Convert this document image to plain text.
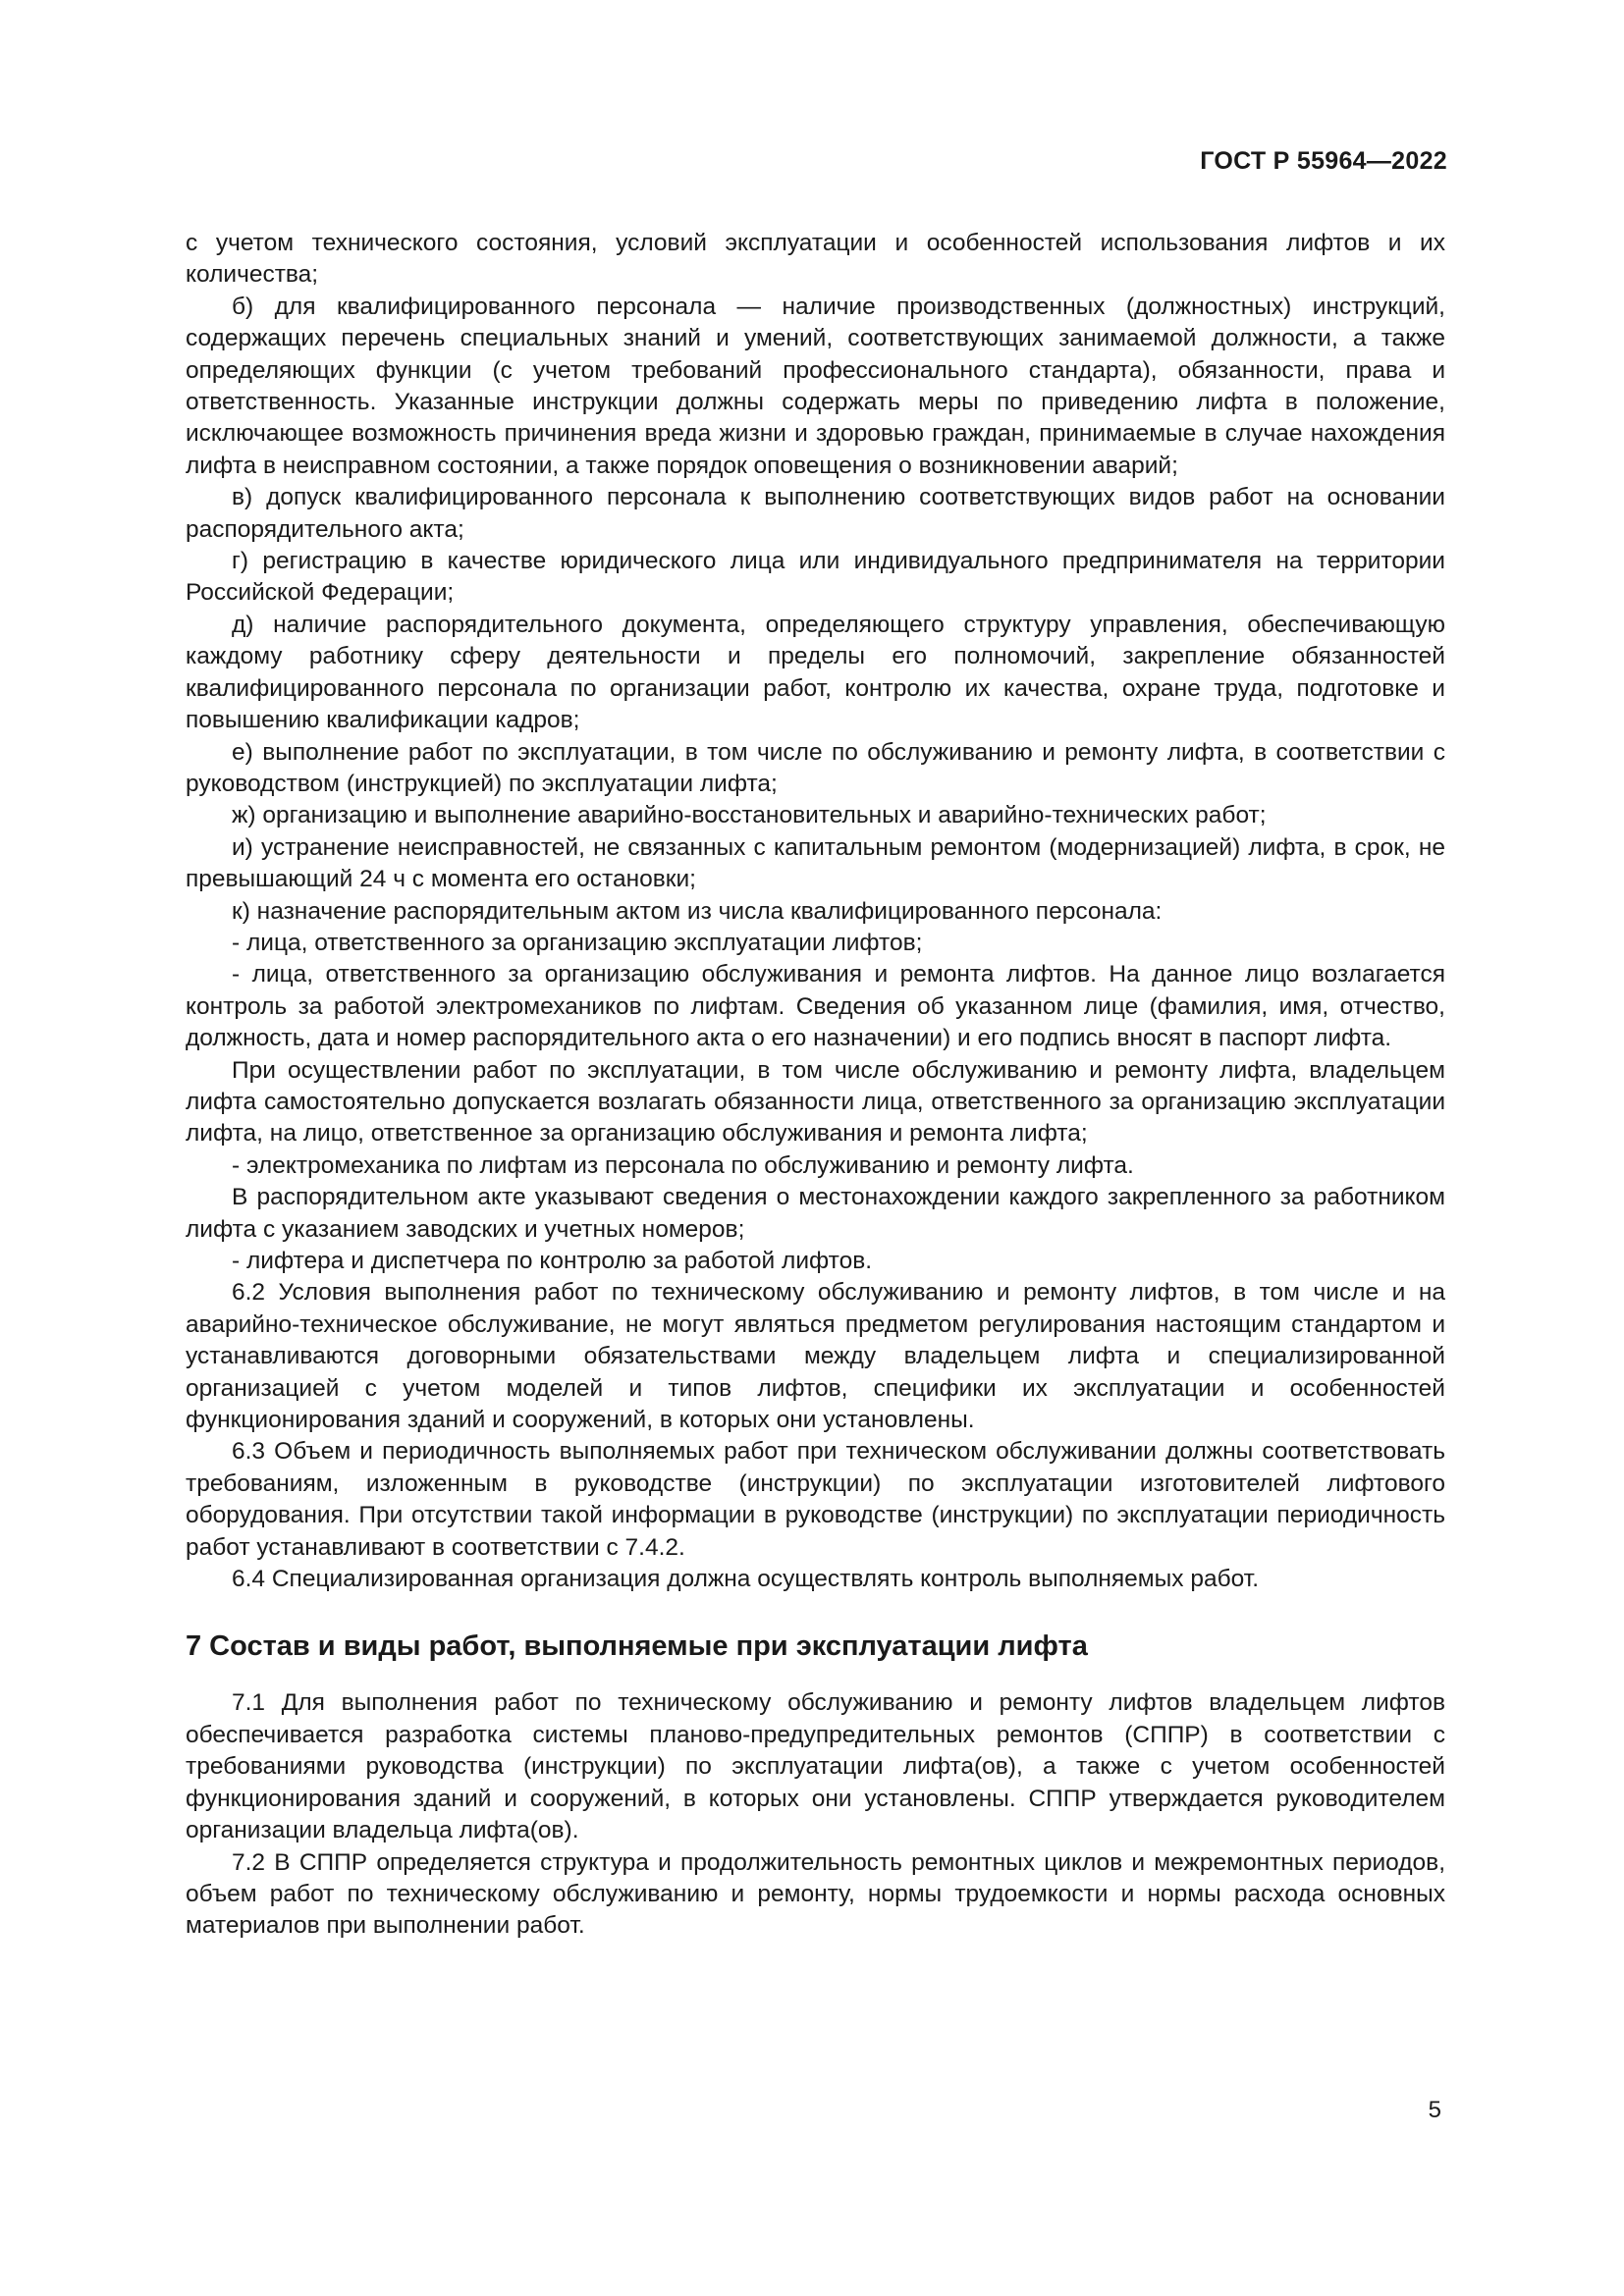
ГОСТ Р 55964—2022

с учетом технического состояния, условий эксплуатации и особенностей использования лифтов и их количества;

б) для квалифицированного персонала — наличие производственных (должностных) инструкций, содержащих перечень специальных знаний и умений, соответствующих занимаемой должности, а также определяющих функции (с учетом требований профессионального стандарта), обязанности, права и ответственность. Указанные инструкции должны содержать меры по приведению лифта в положение, исключающее возможность причинения вреда жизни и здоровью граждан, принимаемые в случае нахождения лифта в неисправном состоянии, а также порядок оповещения о возникновении аварий;

в) допуск квалифицированного персонала к выполнению соответствующих видов работ на основании распорядительного акта;

г) регистрацию в качестве юридического лица или индивидуального предпринимателя на территории Российской Федерации;

д) наличие распорядительного документа, определяющего структуру управления, обеспечивающую каждому работнику сферу деятельности и пределы его полномочий, закрепление обязанностей квалифицированного персонала по организации работ, контролю их качества, охране труда, подготовке и повышению квалификации кадров;

е) выполнение работ по эксплуатации, в том числе по обслуживанию и ремонту лифта, в соответствии с руководством (инструкцией) по эксплуатации лифта;

ж) организацию и выполнение аварийно-восстановительных и аварийно-технических работ;

и) устранение неисправностей, не связанных с капитальным ремонтом (модернизацией) лифта, в срок, не превышающий 24 ч с момента его остановки;

к) назначение распорядительным актом из числа квалифицированного персонала:

- лица, ответственного за организацию эксплуатации лифтов;

- лица, ответственного за организацию обслуживания и ремонта лифтов. На данное лицо возлагается контроль за работой электромехаников по лифтам. Сведения об указанном лице (фамилия, имя, отчество, должность, дата и номер распорядительного акта о его назначении) и его подпись вносят в паспорт лифта.

При осуществлении работ по эксплуатации, в том числе обслуживанию и ремонту лифта, владельцем лифта самостоятельно допускается возлагать обязанности лица, ответственного за организацию эксплуатации лифта, на лицо, ответственное за организацию обслуживания и ремонта лифта;

- электромеханика по лифтам из персонала по обслуживанию и ремонту лифта.

В распорядительном акте указывают сведения о местонахождении каждого закрепленного за работником лифта с указанием заводских и учетных номеров;

- лифтера и диспетчера по контролю за работой лифтов.

6.2 Условия выполнения работ по техническому обслуживанию и ремонту лифтов, в том числе и на аварийно-техническое обслуживание, не могут являться предметом регулирования настоящим стандартом и устанавливаются договорными обязательствами между владельцем лифта и специализированной организацией с учетом моделей и типов лифтов, специфики их эксплуатации и особенностей функционирования зданий и сооружений, в которых они установлены.

6.3 Объем и периодичность выполняемых работ при техническом обслуживании должны соответствовать требованиям, изложенным в руководстве (инструкции) по эксплуатации изготовителей лифтового оборудования. При отсутствии такой информации в руководстве (инструкции) по эксплуатации периодичность работ устанавливают в соответствии с 7.4.2.

6.4 Специализированная организация должна осуществлять контроль выполняемых работ.

7 Состав и виды работ, выполняемые при эксплуатации лифта

7.1 Для выполнения работ по техническому обслуживанию и ремонту лифтов владельцем лифтов обеспечивается разработка системы планово-предупредительных ремонтов (СППР) в соответствии с требованиями руководства (инструкции) по эксплуатации лифта(ов), а также с учетом особенностей функционирования зданий и сооружений, в которых они установлены. СППР утверждается руководителем организации владельца лифта(ов).

7.2 В СППР определяется структура и продолжительность ремонтных циклов и межремонтных периодов, объем работ по техническому обслуживанию и ремонту, нормы трудоемкости и нормы расхода основных материалов при выполнении работ.

5
